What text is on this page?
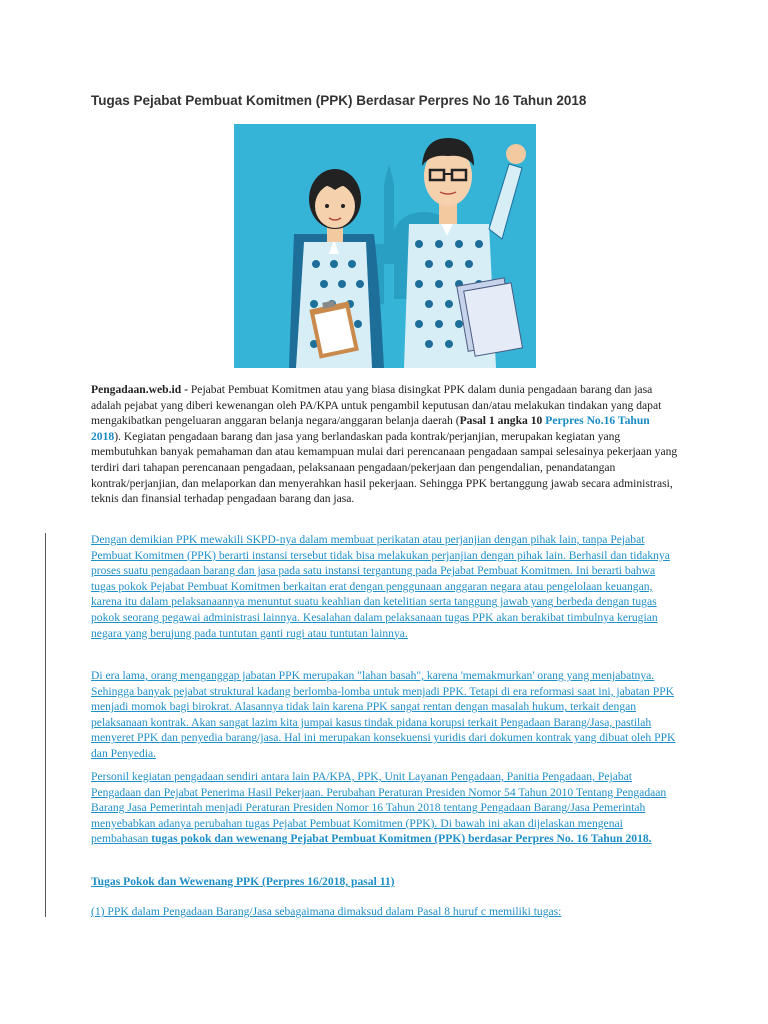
Tugas Pejabat Pembuat Komitmen (PPK) Berdasar Perpres No 16 Tahun 2018

Pengadaan.web.id - Pejabat Pembuat Komitmen atau yang biasa disingkat PPK dalam dunia pengadaan barang dan jasa adalah pejabat yang diberi kewenangan oleh PA/KPA untuk pengambil keputusan dan/atau melakukan tindakan yang dapat mengakibatkan pengeluaran anggaran belanja negara/anggaran belanja daerah (Pasal 1 angka 10 Perpres No.16 Tahun 2018). Kegiatan pengadaan barang dan jasa yang berlandaskan pada kontrak/perjanjian, merupakan kegiatan yang membutuhkan banyak pemahaman dan atau kemampuan mulai dari perencanaan pengadaan sampai selesainya pekerjaan yang terdiri dari tahapan perencanaan pengadaan, pelaksanaan pengadaan/pekerjaan dan pengendalian, penandatangan kontrak/perjanjian, dan melaporkan dan menyerahkan hasil pekerjaan. Sehingga PPK bertanggung jawab secara administrasi, teknis dan finansial terhadap pengadaan barang dan jasa.

Dengan demikian PPK mewakili SKPD-nya dalam membuat perikatan atau perjanjian dengan pihak lain, tanpa Pejabat Pembuat Komitmen (PPK) berarti instansi tersebut tidak bisa melakukan perjanjian dengan pihak lain. Berhasil dan tidaknya proses suatu pengadaan barang dan jasa pada satu instansi tergantung pada Pejabat Pembuat Komitmen. Ini berarti bahwa tugas pokok Pejabat Pembuat Komitmen berkaitan erat dengan penggunaan anggaran negara atau pengelolaan keuangan, karena itu dalam pelaksanaannya menuntut suatu keahlian dan ketelitian serta tanggung jawab yang berbeda dengan tugas pokok seorang pegawai administrasi lainnya. Kesalahan dalam pelaksanaan tugas PPK akan berakibat timbulnya kerugian negara yang berujung pada tuntutan ganti rugi atau tuntutan lainnya.

Di era lama, orang menganggap jabatan PPK merupakan "lahan basah", karena 'memakmurkan' orang yang menjabatnya. Sehingga banyak pejabat struktural kadang berlomba-lomba untuk menjadi PPK. Tetapi di era reformasi saat ini, jabatan PPK menjadi momok bagi birokrat. Alasannya tidak lain karena PPK sangat rentan dengan masalah hukum, terkait dengan pelaksanaan kontrak. Akan sangat lazim kita jumpai kasus tindak pidana korupsi terkait Pengadaan Barang/Jasa, pastilah menyeret PPK dan penyedia barang/jasa. Hal ini merupakan konsekuensi yuridis dari dokumen kontrak yang dibuat oleh PPK dan Penyedia.

Personil kegiatan pengadaan sendiri antara lain PA/KPA, PPK, Unit Layanan Pengadaan, Panitia Pengadaan, Pejabat Pengadaan dan Pejabat Penerima Hasil Pekerjaan. Perubahan Peraturan Presiden Nomor 54 Tahun 2010 Tentang Pengadaan Barang Jasa Pemerintah menjadi Peraturan Presiden Nomor 16 Tahun 2018 tentang Pengadaan Barang/Jasa Pemerintah menyebabkan adanya perubahan tugas Pejabat Pembuat Komitmen (PPK). Di bawah ini akan dijelaskan mengenai pembahasan tugas pokok dan wewenang Pejabat Pembuat Komitmen (PPK) berdasar Perpres No. 16 Tahun 2018.

Tugas Pokok dan Wewenang PPK (Perpres 16/2018, pasal 11)

(1) PPK dalam Pengadaan Barang/Jasa sebagaimana dimaksud dalam Pasal 8 huruf c memiliki tugas:
